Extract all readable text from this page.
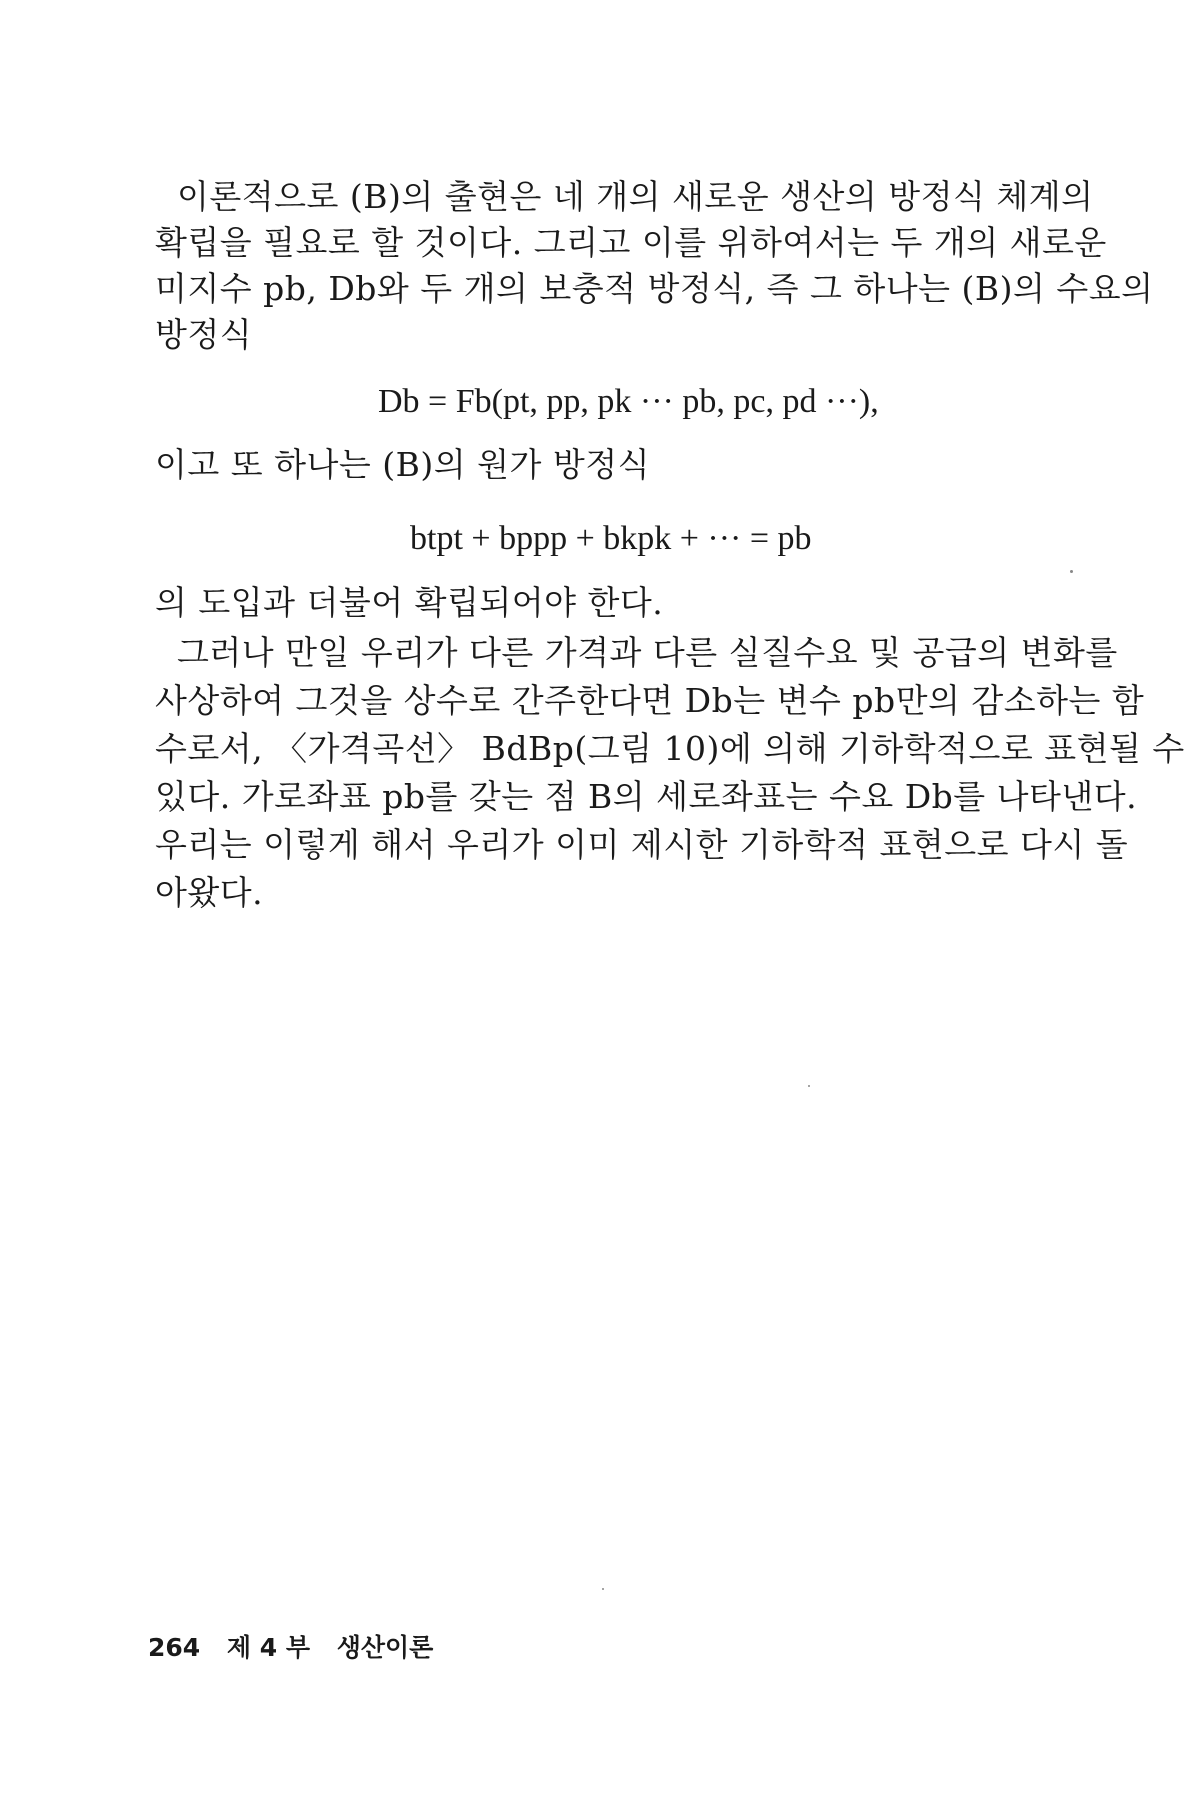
이론적으로 (B)의 출현은 네 개의 새로운 생산의 방정식 체계의
확립을 필요로 할 것이다. 그리고 이를 위하여서는 두 개의 새로운
미지수 pb, Db와 두 개의 보충적 방정식, 즉 그 하나는 (B)의 수요의
방정식
Db = Fb(pt, pp, pk ··· pb, pc, pd ···),
이고 또 하나는 (B)의 원가 방정식
btpt + bppp + bkpk + ··· = pb
의 도입과 더불어 확립되어야 한다.
그러나 만일 우리가 다른 가격과 다른 실질수요 및 공급의 변화를
사상하여 그것을 상수로 간주한다면 Db는 변수 pb만의 감소하는 함
수로서, 〈가격곡선〉 BdBp(그림 10)에 의해 기하학적으로 표현될 수
있다. 가로좌표 pb를 갖는 점 B의 세로좌표는 수요 Db를 나타낸다.
우리는 이렇게 해서 우리가 이미 제시한 기하학적 표현으로 다시 돌
아왔다.
264 제 4 부 생산이론
